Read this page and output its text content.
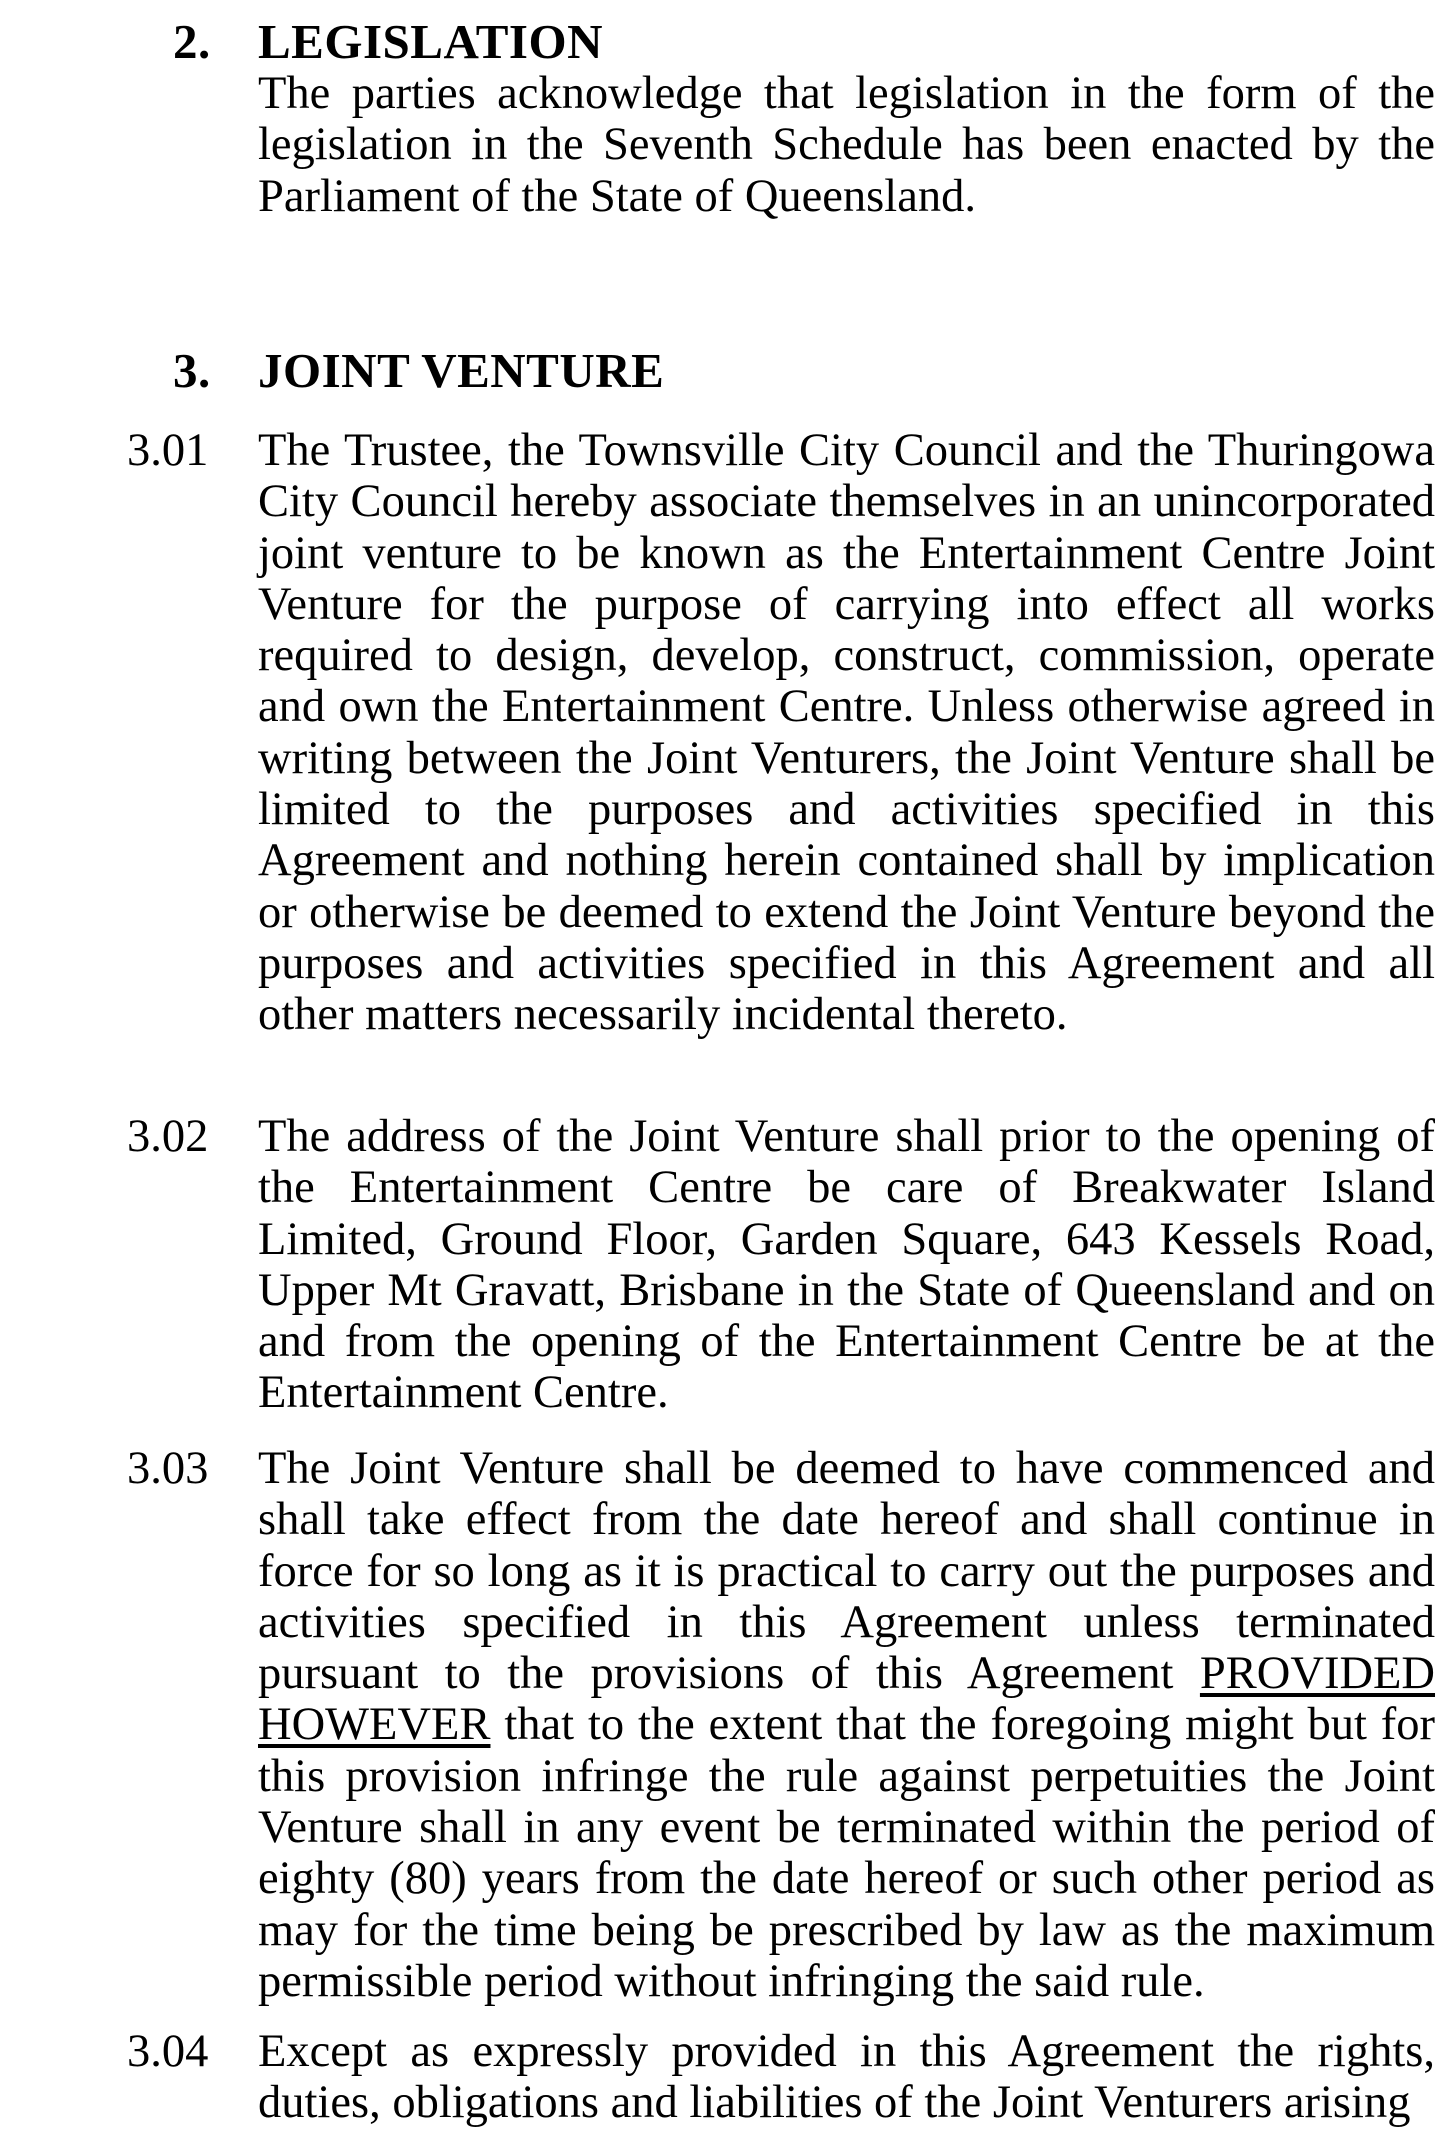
2. LEGISLATION
The parties acknowledge that legislation in the form of the legislation in the Seventh Schedule has been enacted by the Parliament of the State of Queensland.
3. JOINT VENTURE
3.01 The Trustee, the Townsville City Council and the Thuringowa City Council hereby associate themselves in an unincorporated joint venture to be known as the Entertainment Centre Joint Venture for the purpose of carrying into effect all works required to design, develop, construct, commission, operate and own the Entertainment Centre. Unless otherwise agreed in writing between the Joint Venturers, the Joint Venture shall be limited to the purposes and activities specified in this Agreement and nothing herein contained shall by implication or otherwise be deemed to extend the Joint Venture beyond the purposes and activities specified in this Agreement and all other matters necessarily incidental thereto.
3.02 The address of the Joint Venture shall prior to the opening of the Entertainment Centre be care of Breakwater Island Limited, Ground Floor, Garden Square, 643 Kessels Road, Upper Mt Gravatt, Brisbane in the State of Queensland and on and from the opening of the Entertainment Centre be at the Entertainment Centre.
3.03 The Joint Venture shall be deemed to have commenced and shall take effect from the date hereof and shall continue in force for so long as it is practical to carry out the purposes and activities specified in this Agreement unless terminated pursuant to the provisions of this Agreement PROVIDED HOWEVER that to the extent that the foregoing might but for this provision infringe the rule against perpetuities the Joint Venture shall in any event be terminated within the period of eighty (80) years from the date hereof or such other period as may for the time being be prescribed by law as the maximum permissible period without infringing the said rule.
3.04 Except as expressly provided in this Agreement the rights, duties, obligations and liabilities of the Joint Venturers arising
